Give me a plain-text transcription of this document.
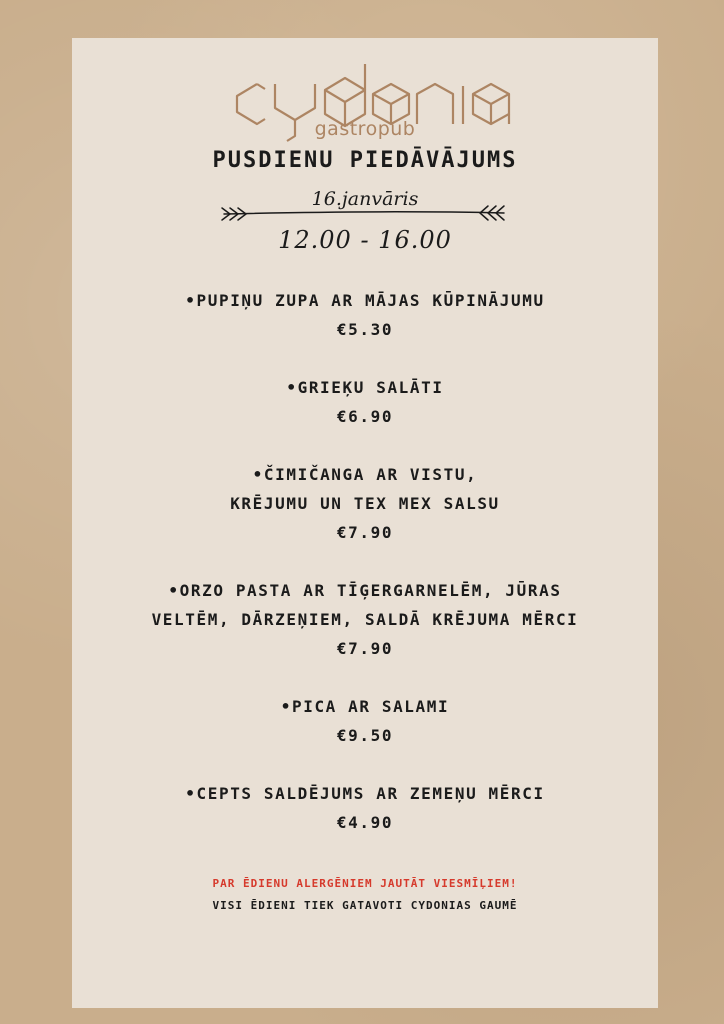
gastropub
PUSDIENU PIEDĀVĀJUMS
16.janvāris
12.00 - 16.00
•PUPIŅU ZUPA AR MĀJAS KŪPINĀJUMU
€5.30
•GRIEĶU SALĀTI
€6.90
•ČIMIČANGA AR VISTU,
KRĒJUMU UN TEX MEX SALSU
€7.90
•ORZO PASTA AR TĪĢERGARNELĒM, JŪRAS
VELTĒM, DĀRZEŅIEM, SALDĀ KRĒJUMA MĒRCI
€7.90
•PICA AR SALAMI
€9.50
•CEPTS SALDĒJUMS AR ZEMEŅU MĒRCI
€4.90
PAR ĒDIENU ALERGĒNIEM JAUTĀT VIESMĪĻIEM!
VISI ĒDIENI TIEK GATAVOTI CYDONIAS GAUMĒ
